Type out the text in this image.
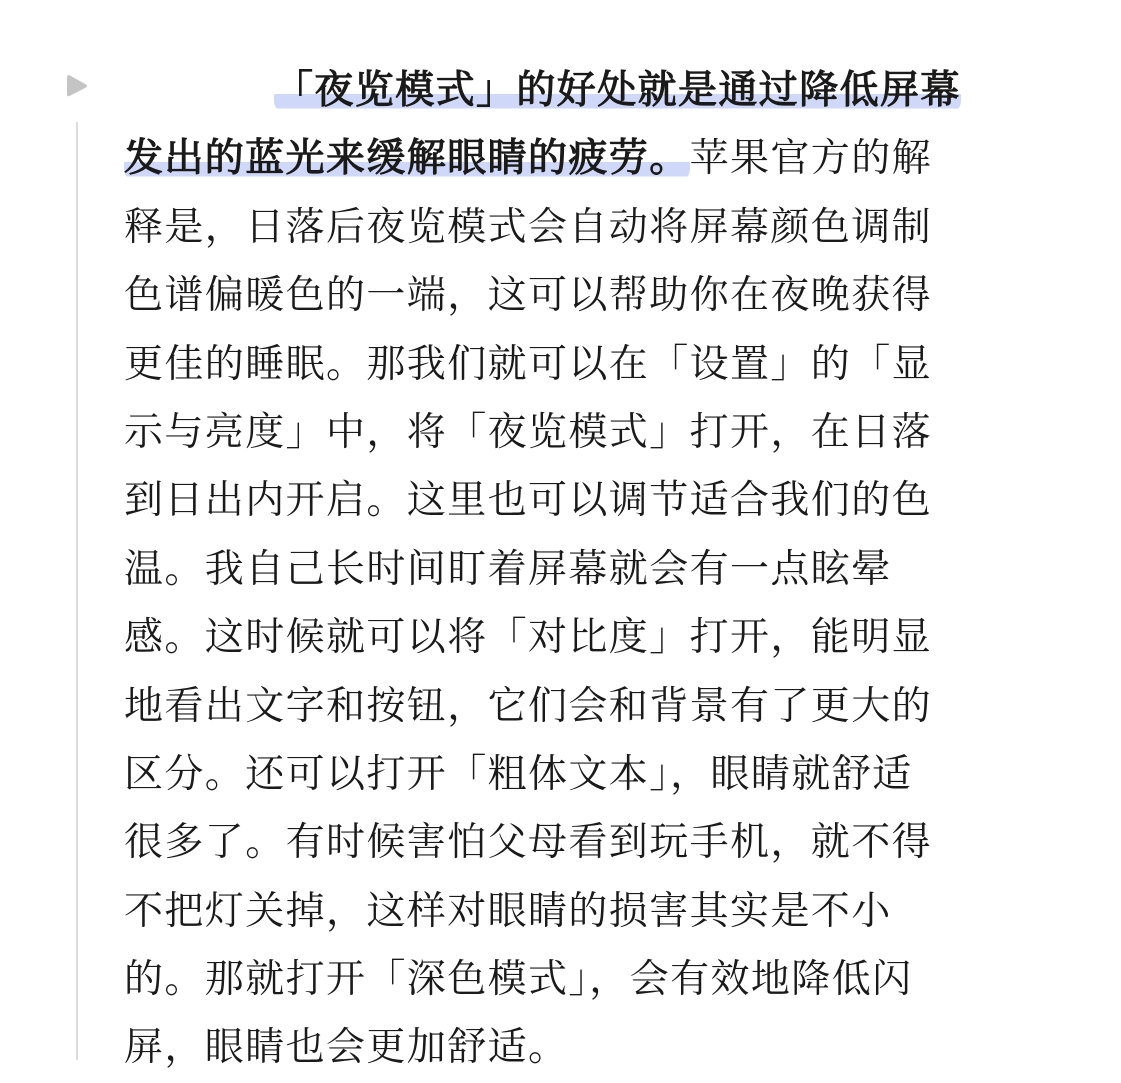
「夜览模式」的好处就是通过降低屏幕
发出的蓝光来缓解眼睛的疲劳。苹果官方的解
释是，日落后夜览模式会自动将屏幕颜色调制
色谱偏暖色的一端，这可以帮助你在夜晚获得
更佳的睡眠。那我们就可以在「设置」的「显
示与亮度」中，将「夜览模式」打开，在日落
到日出内开启。这里也可以调节适合我们的色
温。我自己长时间盯着屏幕就会有一点眩晕
感。这时候就可以将「对比度」打开，能明显
地看出文字和按钮，它们会和背景有了更大的
区分。还可以打开「粗体文本」，眼睛就舒适
很多了。有时候害怕父母看到玩手机，就不得
不把灯关掉，这样对眼睛的损害其实是不小
的。那就打开「深色模式」，会有效地降低闪
屏，眼睛也会更加舒适。
